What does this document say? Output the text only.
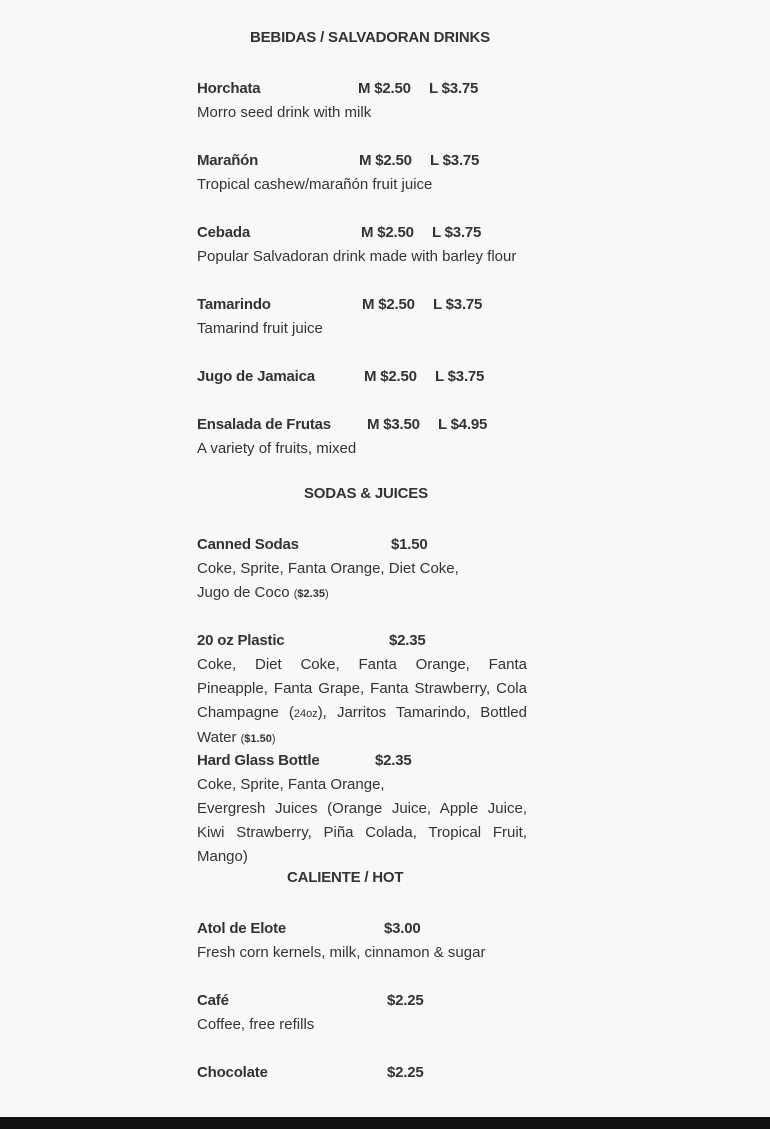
BEBIDAS / SALVADORAN DRINKS
Horchata	M $2.50 L $3.75
Morro seed drink with milk
Marañón	M $2.50 L $3.75
Tropical cashew/marañón fruit juice
Cebada	M $2.50 L $3.75
Popular Salvadoran drink made with barley flour
Tamarindo	M $2.50 L $3.75
Tamarind fruit juice
Jugo de Jamaica	M $2.50 L $3.75
Ensalada de Frutas M $3.50 L $4.95
A variety of fruits, mixed
SODAS & JUICES
Canned Sodas	$1.50
Coke, Sprite, Fanta Orange, Diet Coke,
Jugo de Coco ($2.35)
20 oz Plastic	$2.35
Coke, Diet Coke, Fanta Orange, Fanta Pineapple, Fanta Grape, Fanta Strawberry, Cola Champagne (24oz), Jarritos Tamarindo, Bottled Water ($1.50)
Hard Glass Bottle	$2.35
Coke, Sprite, Fanta Orange,
Evergresh Juices (Orange Juice, Apple Juice, Kiwi Strawberry, Piña Colada, Tropical Fruit, Mango)
CALIENTE / HOT
Atol de Elote	$3.00
Fresh corn kernels, milk, cinnamon & sugar
Café	$2.25
Coffee, free refills
Chocolate	$2.25
